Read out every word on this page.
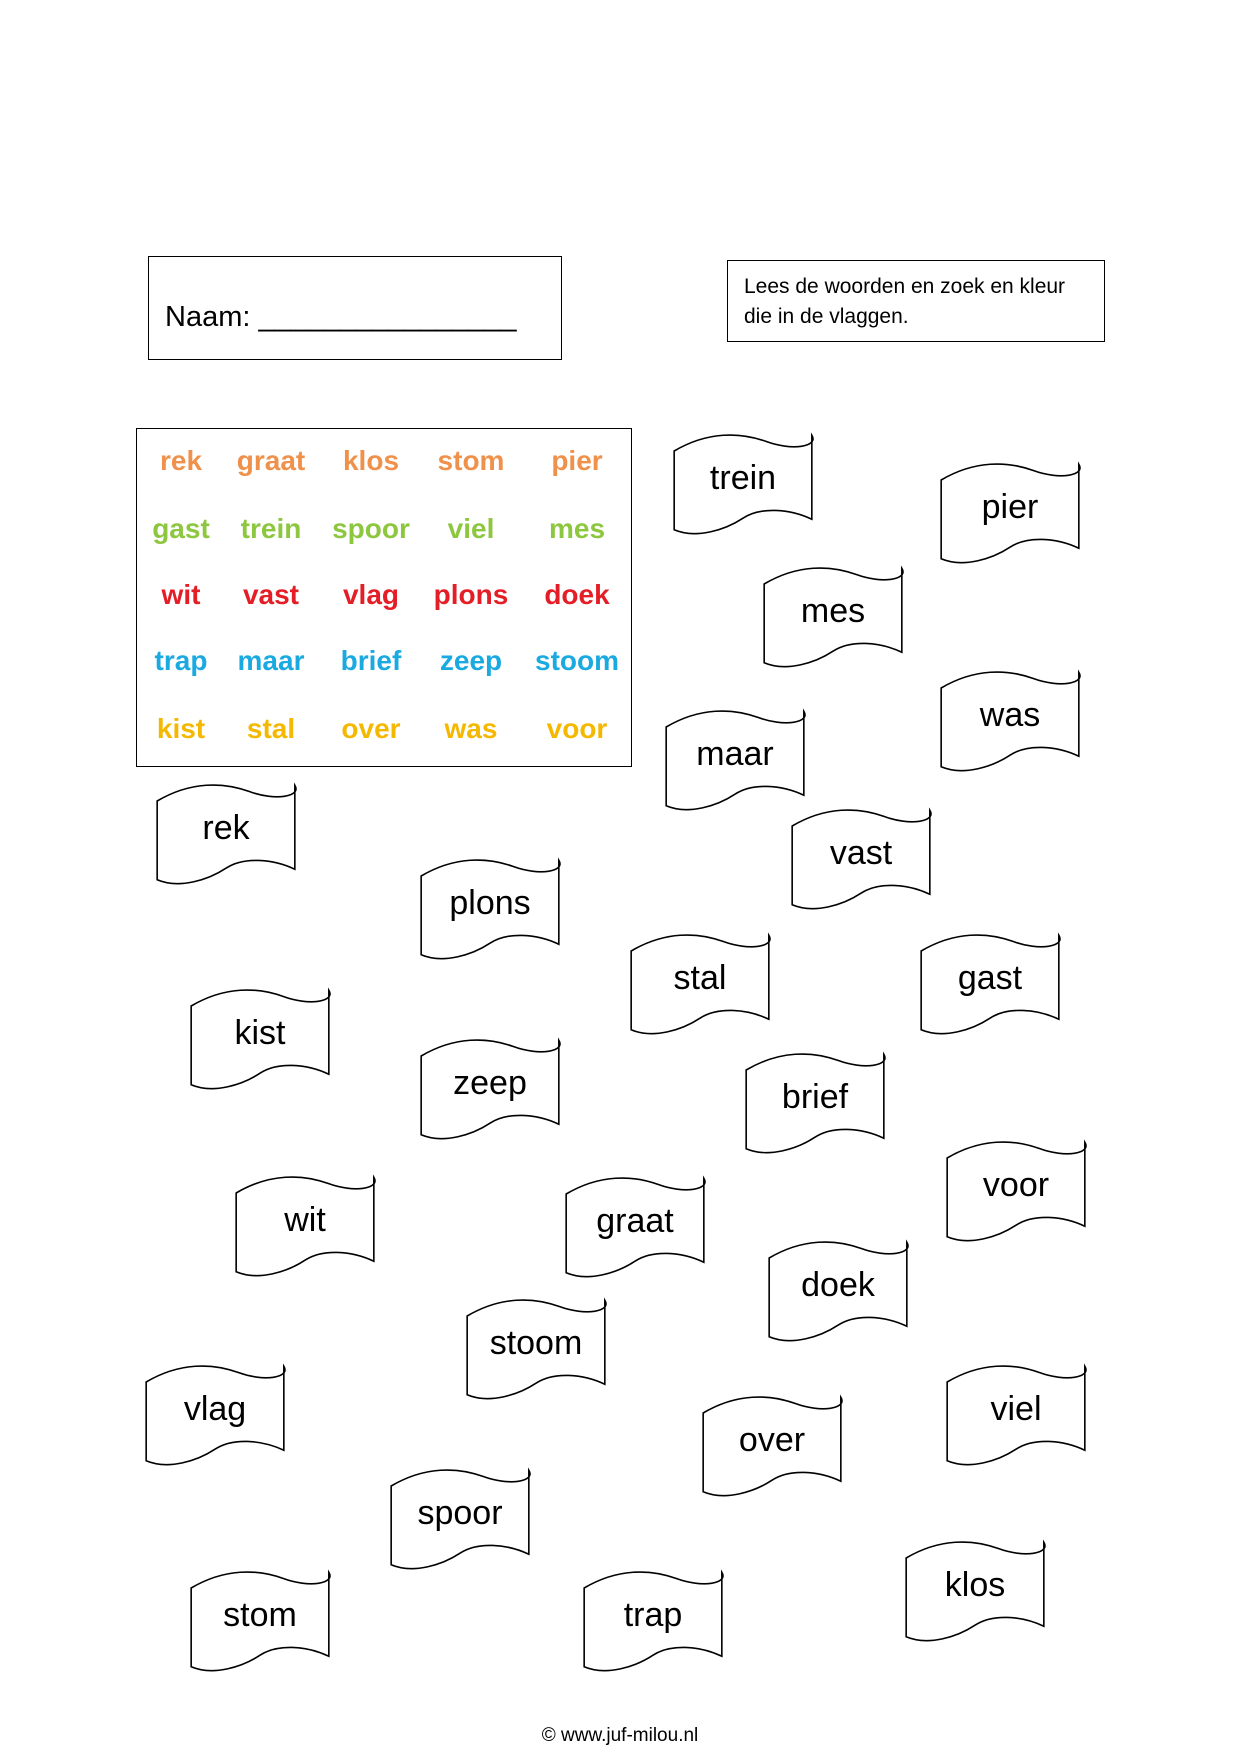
Naam: ________________
Lees de woorden en zoek en kleur die in de vlaggen.
rek	graat	klos	stom	pier
gast	trein	spoor	viel	mes
wit	vast	vlag	plons	doek
trap	maar	brief	zeep	stoom
kist	stal	over	was	voor
trein
pier
mes
was
maar
vast
rek
plons
stal	gast
kist
zeep	brief
voor
wit	graat
doek
stoom
vlag	viel
over
spoor
klos
stom	trap
© www.juf-milou.nl
